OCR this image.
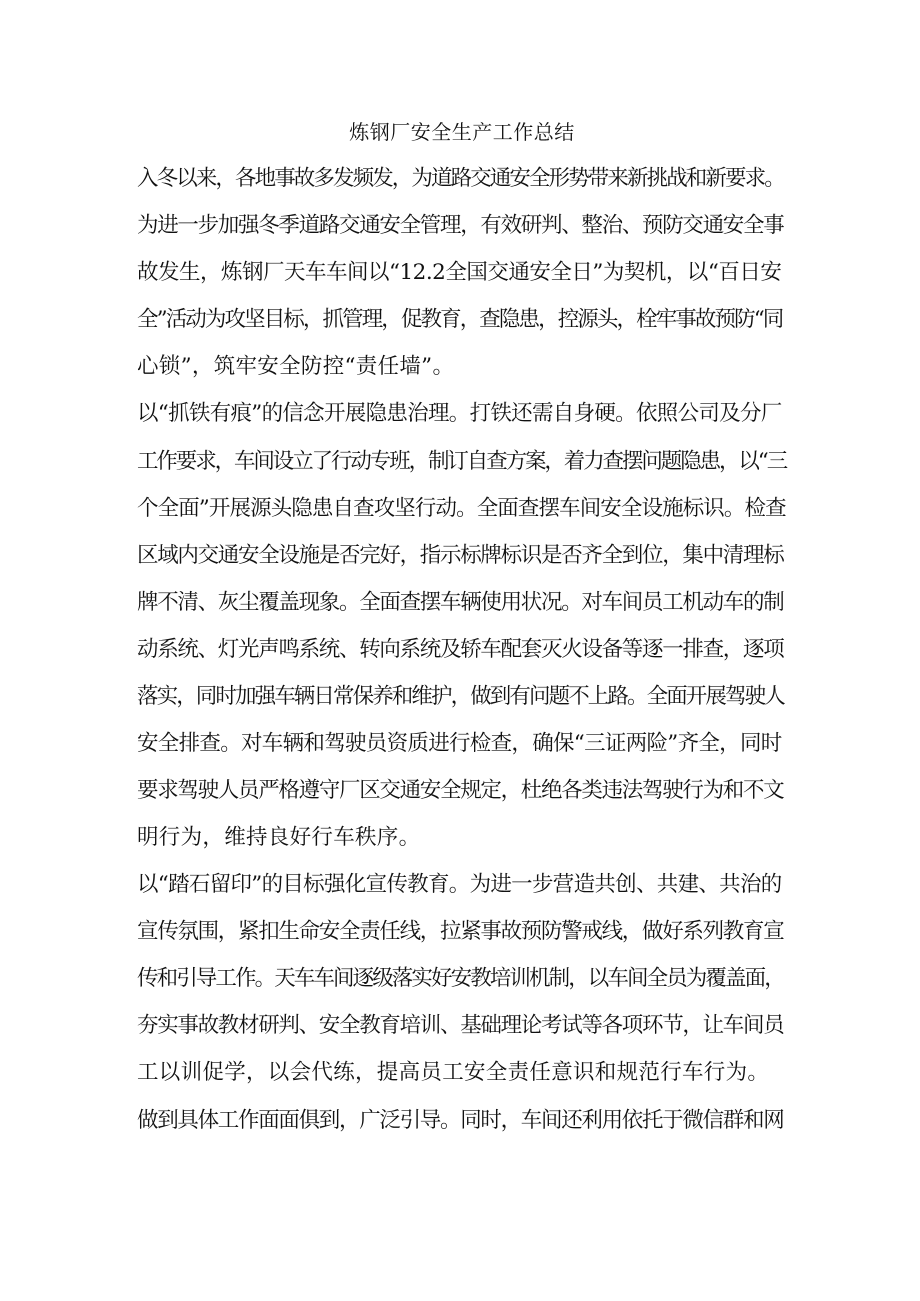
炼钢厂安全生产工作总结
入冬以来，各地事故多发频发，为道路交通安全形势带来新挑战和新要求。
为进一步加强冬季道路交通安全管理，有效研判、整治、预防交通安全事
故发生，炼钢厂天车车间以“12.2全国交通安全日”为契机，以“百日安
全”活动为攻坚目标，抓管理，促教育，查隐患，控源头，栓牢事故预防“同
心锁”，筑牢安全防控“责任墙”。
以“抓铁有痕”的信念开展隐患治理。打铁还需自身硬。依照公司及分厂
工作要求，车间设立了行动专班，制订自查方案，着力查摆问题隐患，以“三
个全面”开展源头隐患自查攻坚行动。全面查摆车间安全设施标识。检查
区域内交通安全设施是否完好，指示标牌标识是否齐全到位，集中清理标
牌不清、灰尘覆盖现象。全面查摆车辆使用状况。对车间员工机动车的制
动系统、灯光声鸣系统、转向系统及轿车配套灭火设备等逐一排查，逐项
落实，同时加强车辆日常保养和维护，做到有问题不上路。全面开展驾驶人
安全排查。对车辆和驾驶员资质进行检查，确保“三证两险”齐全，同时
要求驾驶人员严格遵守厂区交通安全规定，杜绝各类违法驾驶行为和不文
明行为，维持良好行车秩序。
以“踏石留印”的目标强化宣传教育。为进一步营造共创、共建、共治的
宣传氛围，紧扣生命安全责任线，拉紧事故预防警戒线，做好系列教育宣
传和引导工作。天车车间逐级落实好安教培训机制，以车间全员为覆盖面，
夯实事故教材研判、安全教育培训、基础理论考试等各项环节，让车间员
工以训促学，以会代练，提高员工安全责任意识和规范行车行为。
做到具体工作面面俱到，广泛引导。同时，车间还利用依托于微信群和网
